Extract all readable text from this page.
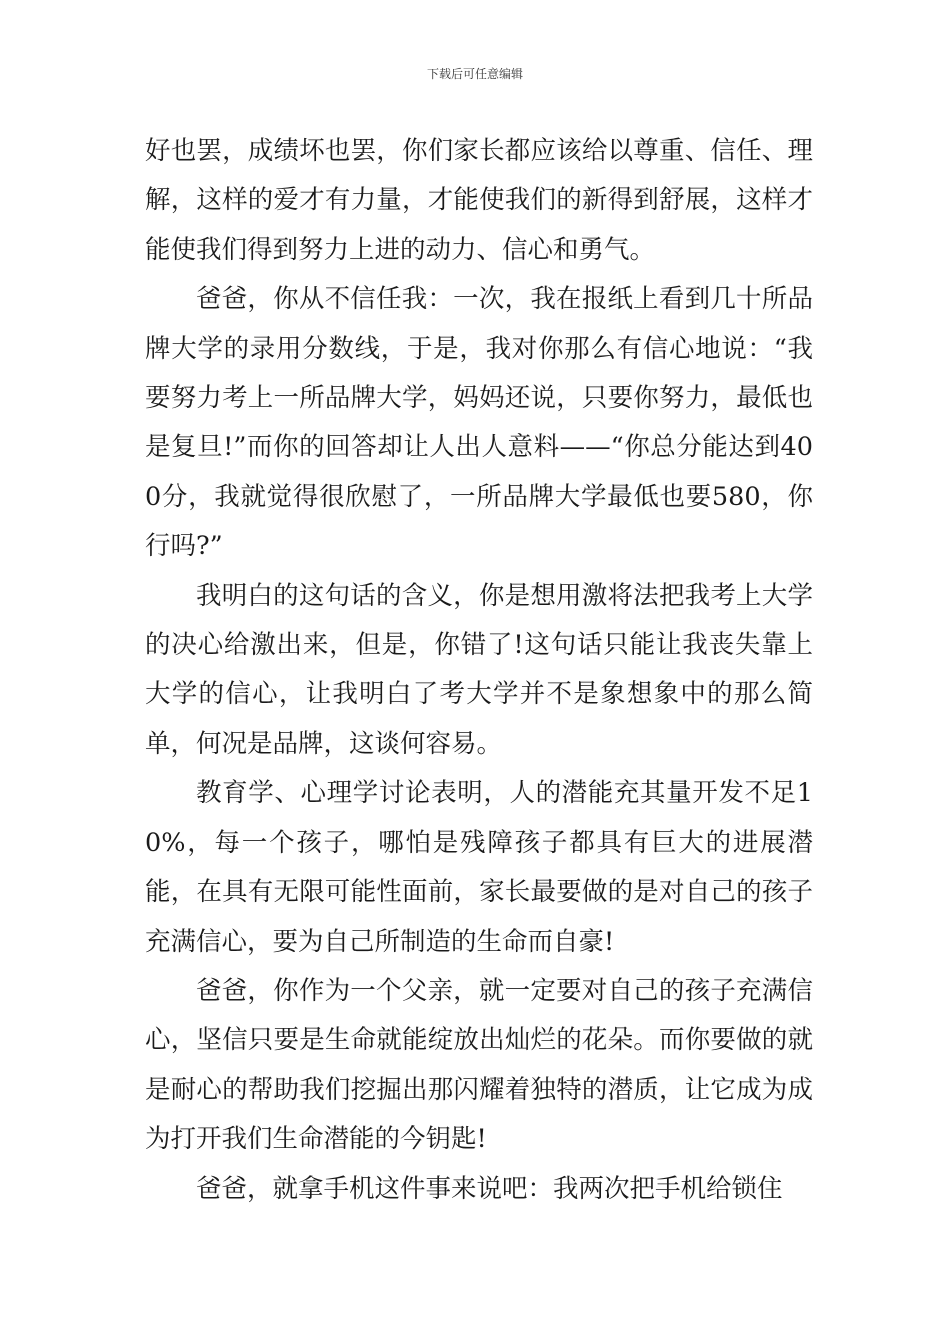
下载后可任意编辑

好也罢，成绩坏也罢，你们家长都应该给以尊重、信任、理解，这样的爱才有力量，才能使我们的新得到舒展，这样才能使我们得到努力上进的动力、信心和勇气。

爸爸，你从不信任我：一次，我在报纸上看到几十所品牌大学的录用分数线，于是，我对你那么有信心地说：“我要努力考上一所品牌大学，妈妈还说，只要你努力，最低也是复旦!”而你的回答却让人出人意料——“你总分能达到400分，我就觉得很欣慰了，一所品牌大学最低也要580，你行吗?”

我明白的这句话的含义，你是想用激将法把我考上大学的决心给激出来，但是，你错了!这句话只能让我丧失靠上大学的信心，让我明白了考大学并不是象想象中的那么简单，何况是品牌，这谈何容易。

教育学、心理学讨论表明，人的潜能充其量开发不足10%，每一个孩子，哪怕是残障孩子都具有巨大的进展潜能，在具有无限可能性面前，家长最要做的是对自己的孩子充满信心，要为自己所制造的生命而自豪!

爸爸，你作为一个父亲，就一定要对自己的孩子充满信心，坚信只要是生命就能绽放出灿烂的花朵。而你要做的就是耐心的帮助我们挖掘出那闪耀着独特的潜质，让它成为成为打开我们生命潜能的今钥匙!

爸爸，就拿手机这件事来说吧：我两次把手机给锁住
